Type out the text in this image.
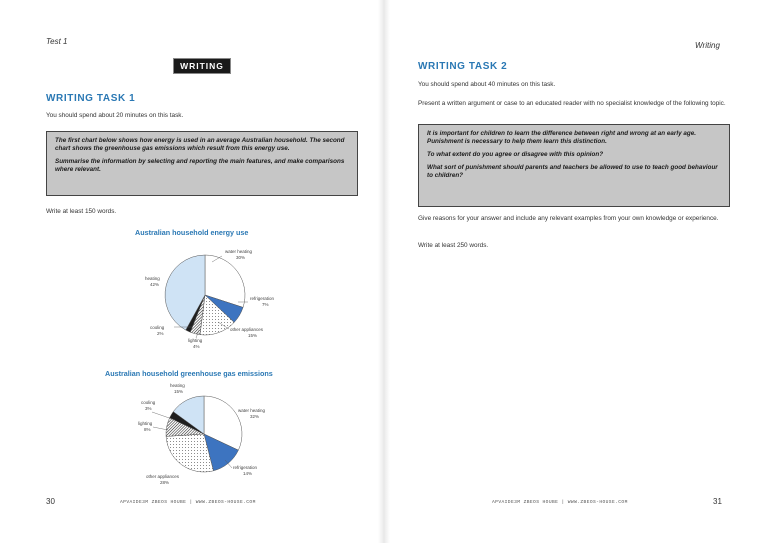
Test 1
WRITING
WRITING TASK 1
You should spend about 20 minutes on this task.

The first chart below shows how energy is used in an average Australian household. The second chart shows the greenhouse gas emissions which result from this energy use.

Summarise the information by selecting and reporting the main features, and make comparisons where relevant.

Write at least 150 words.
Australian household energy use
water heating 30%
refrigeration 7%
other appliances 15%
heating 42%
cooling 2%
lighting 4%
Australian household greenhouse gas emissions
heating 15%
water heating 32%
cooling 3%
lighting 8%
refrigeration 14%
other appliances 28%
30	APVAIDE3M ZBEOS HOUBE | WWW.ZBEOS-HOUSE.COM
Writing
WRITING TASK 2
You should spend about 40 minutes on this task.
Present a written argument or case to an educated reader with no specialist knowledge of the following topic.

It is important for children to learn the difference between right and wrong at an early age. Punishment is necessary to help them learn this distinction.

To what extent do you agree or disagree with this opinion?

What sort of punishment should parents and teachers be allowed to use to teach good behaviour to children?

Give reasons for your answer and include any relevant examples from your own knowledge or experience.
Write at least 250 words.
31
APVAIDE3M ZBEOS HOUBE | WWW.ZBEOS-HOUSE.COM
